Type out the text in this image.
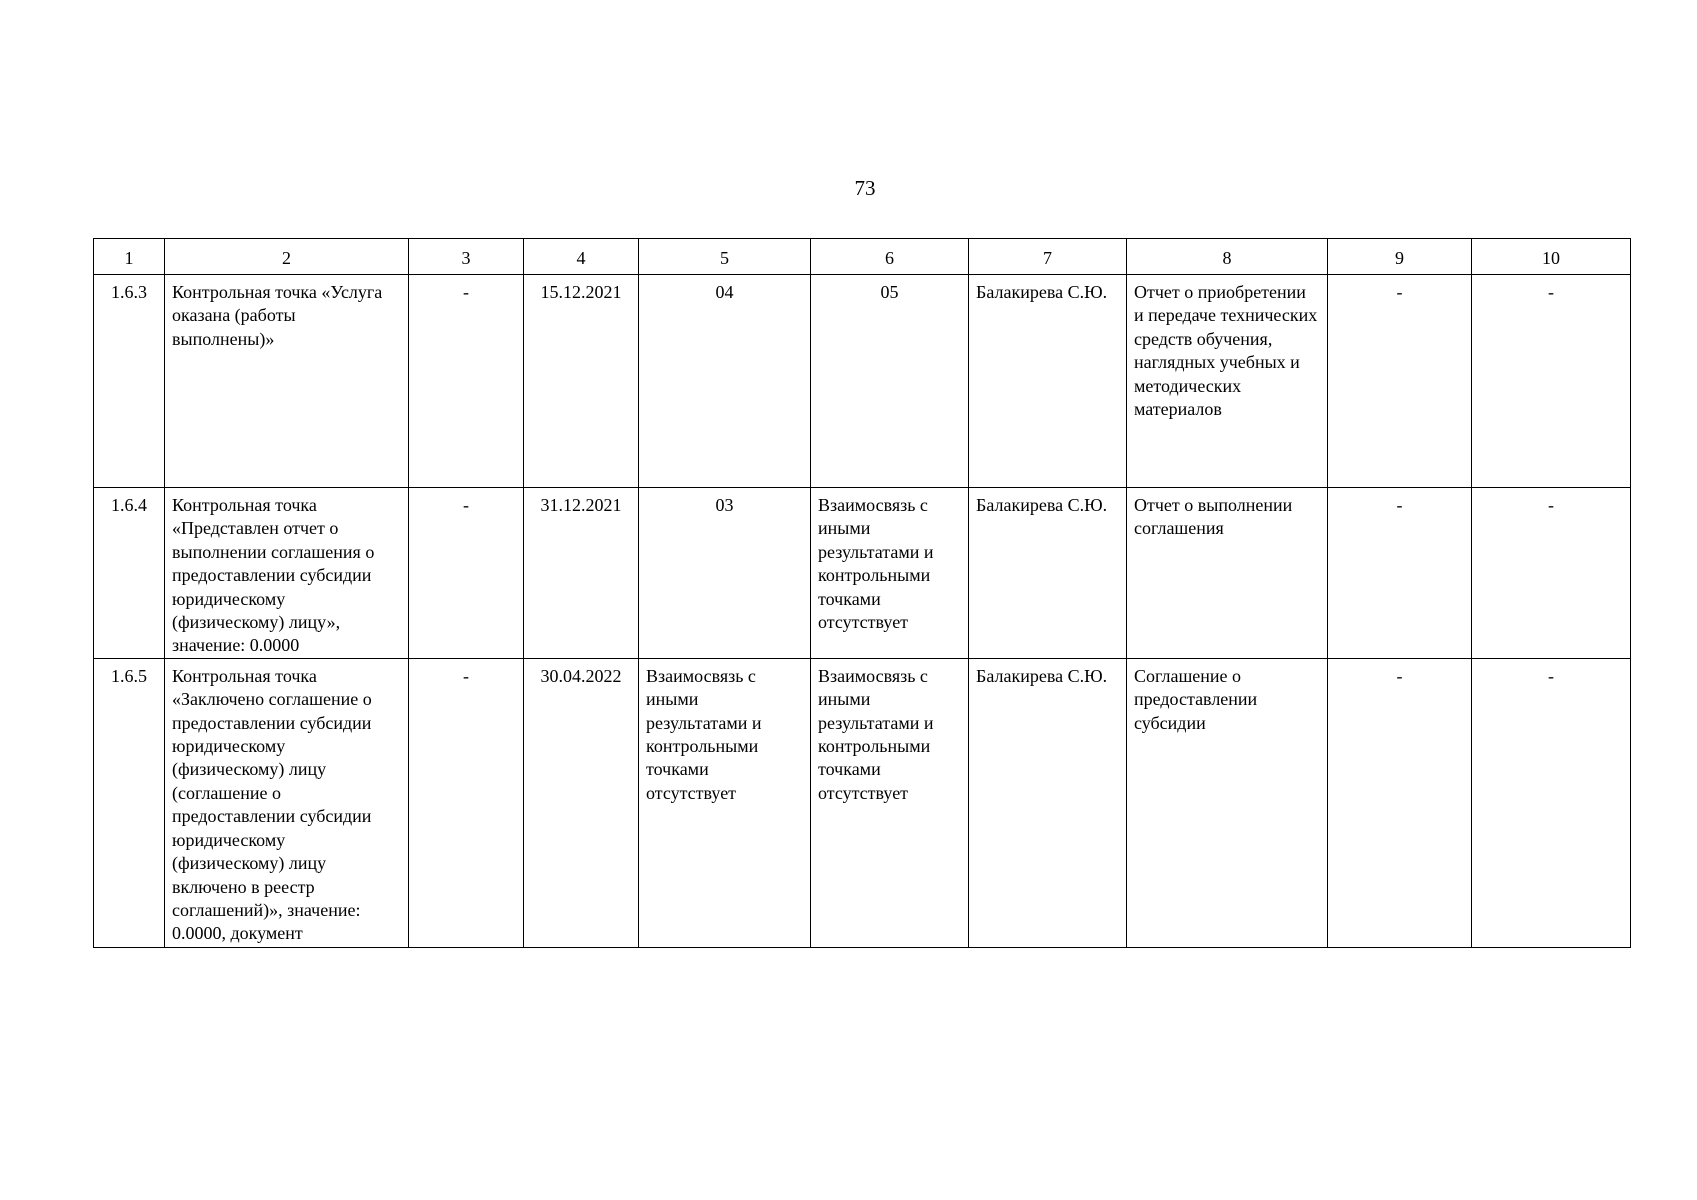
73
1	2	3	4	5	6	7	8	9	10
1.6.3	Контрольная точка «Услуга оказана (работы выполнены)»	-	15.12.2021	04	05	Балакирева С.Ю.	Отчет о приобретении и передаче технических средств обучения, наглядных учебных и методических материалов	-	-
1.6.4	Контрольная точка «Представлен отчет о выполнении соглашения о предоставлении субсидии юридическому (физическому) лицу», значение: 0.0000	-	31.12.2021	03	Взаимосвязь с иными результатами и контрольными точками отсутствует	Балакирева С.Ю.	Отчет о выполнении соглашения	-	-
1.6.5	Контрольная точка «Заключено соглашение о предоставлении субсидии юридическому (физическому) лицу (соглашение о предоставлении субсидии юридическому (физическому) лицу включено в реестр соглашений)», значение: 0.0000, документ	-	30.04.2022	Взаимосвязь с иными результатами и контрольными точками отсутствует	Взаимосвязь с иными результатами и контрольными точками отсутствует	Балакирева С.Ю.	Соглашение о предоставлении субсидии	-	-
